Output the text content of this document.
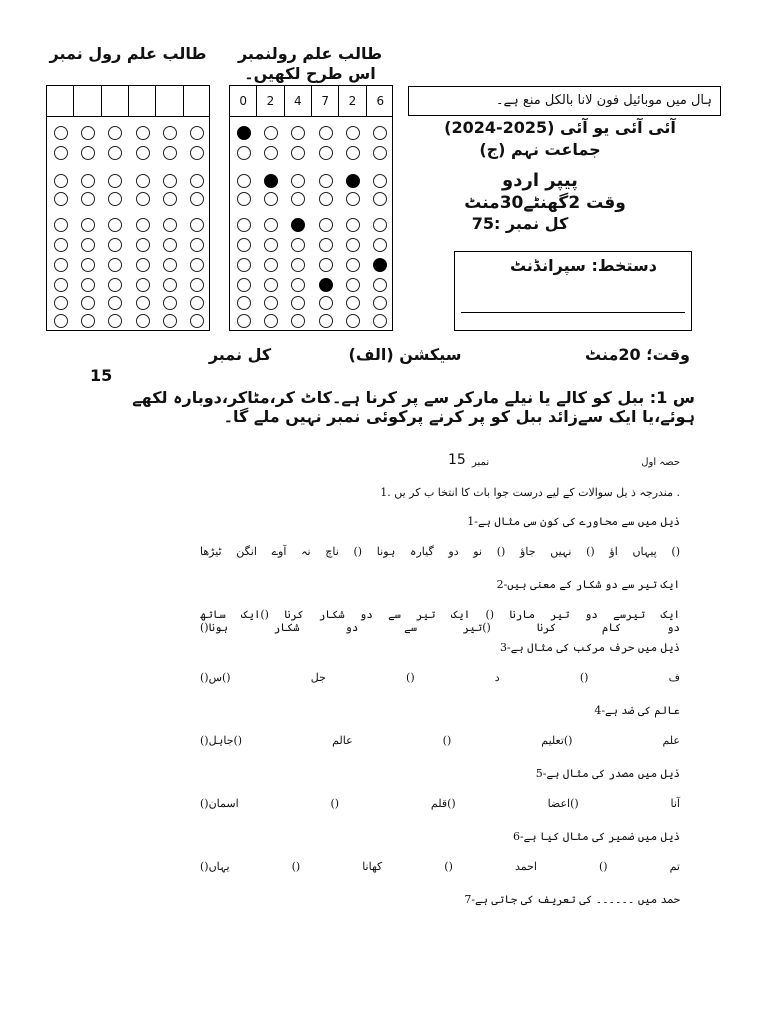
طالب علم رول نمبر	طالب علم رولنمبر اس طرح لکھیں۔
0	2	4	7	2	6	ہال میں موبائیل فون لانا بالکل منع ہے۔
آئی آئی یو آئی (2025-2024)
جماعت نہم (ج)
پیپر اردو
وقت 2گھنٹے30منٹ
کل نمبر :75
دستخط: سپرانڈنٹ
وقت؛ 20منٹ
سیکشن (الف)
کل نمبر
15
س 1: ببل کو کالے یا نیلے مارکر سے پر کرنا ہے۔کاٹ کر،مٹاکر،دوبارہ لکھے ہوئے،یا ایک سےزائد ببل کو پر کرنے پرکوئی نمبر نہیں ملے گا۔
حصہ اول
نمبر
15
. مندرجہ ذ یل سوالات کے لیے درست جوا بات کا انتخا ب کر یں .1
ذیل میں سے محاورے کی کون سی مثال ہے-1
() پیہاں اؤ () نہیں جاؤ () نو دو گیارہ ہونا () ناچ نہ آوے انگن ٹیڑھا
ایک تیر سے دو شکار کے معنی ہیں-2
ایک تیرسے دو تیر مارنا () ایک تیر سے دو شکار کرنا ()ایک ساتھ دو کام کرنا ()تیر سے دو شکار ہونا()
ذیل میں حرف مرکب کی مثال ہے-3
ف () د () جل ()س()
عالم کی ضد ہے-4
علم ()تعلیم () عالم ()جاہل()
ذیل میں مصدر کی مثال ہے-5
آنا ()اعضا ()قلم () اسمان()
ذیل میں ضمیر کی مثال کیا ہے-6
تم () احمد () کھانا () یہاں()
حمد میں ۔۔۔۔۔۔ کی تعریف کی جاتی ہے-7
